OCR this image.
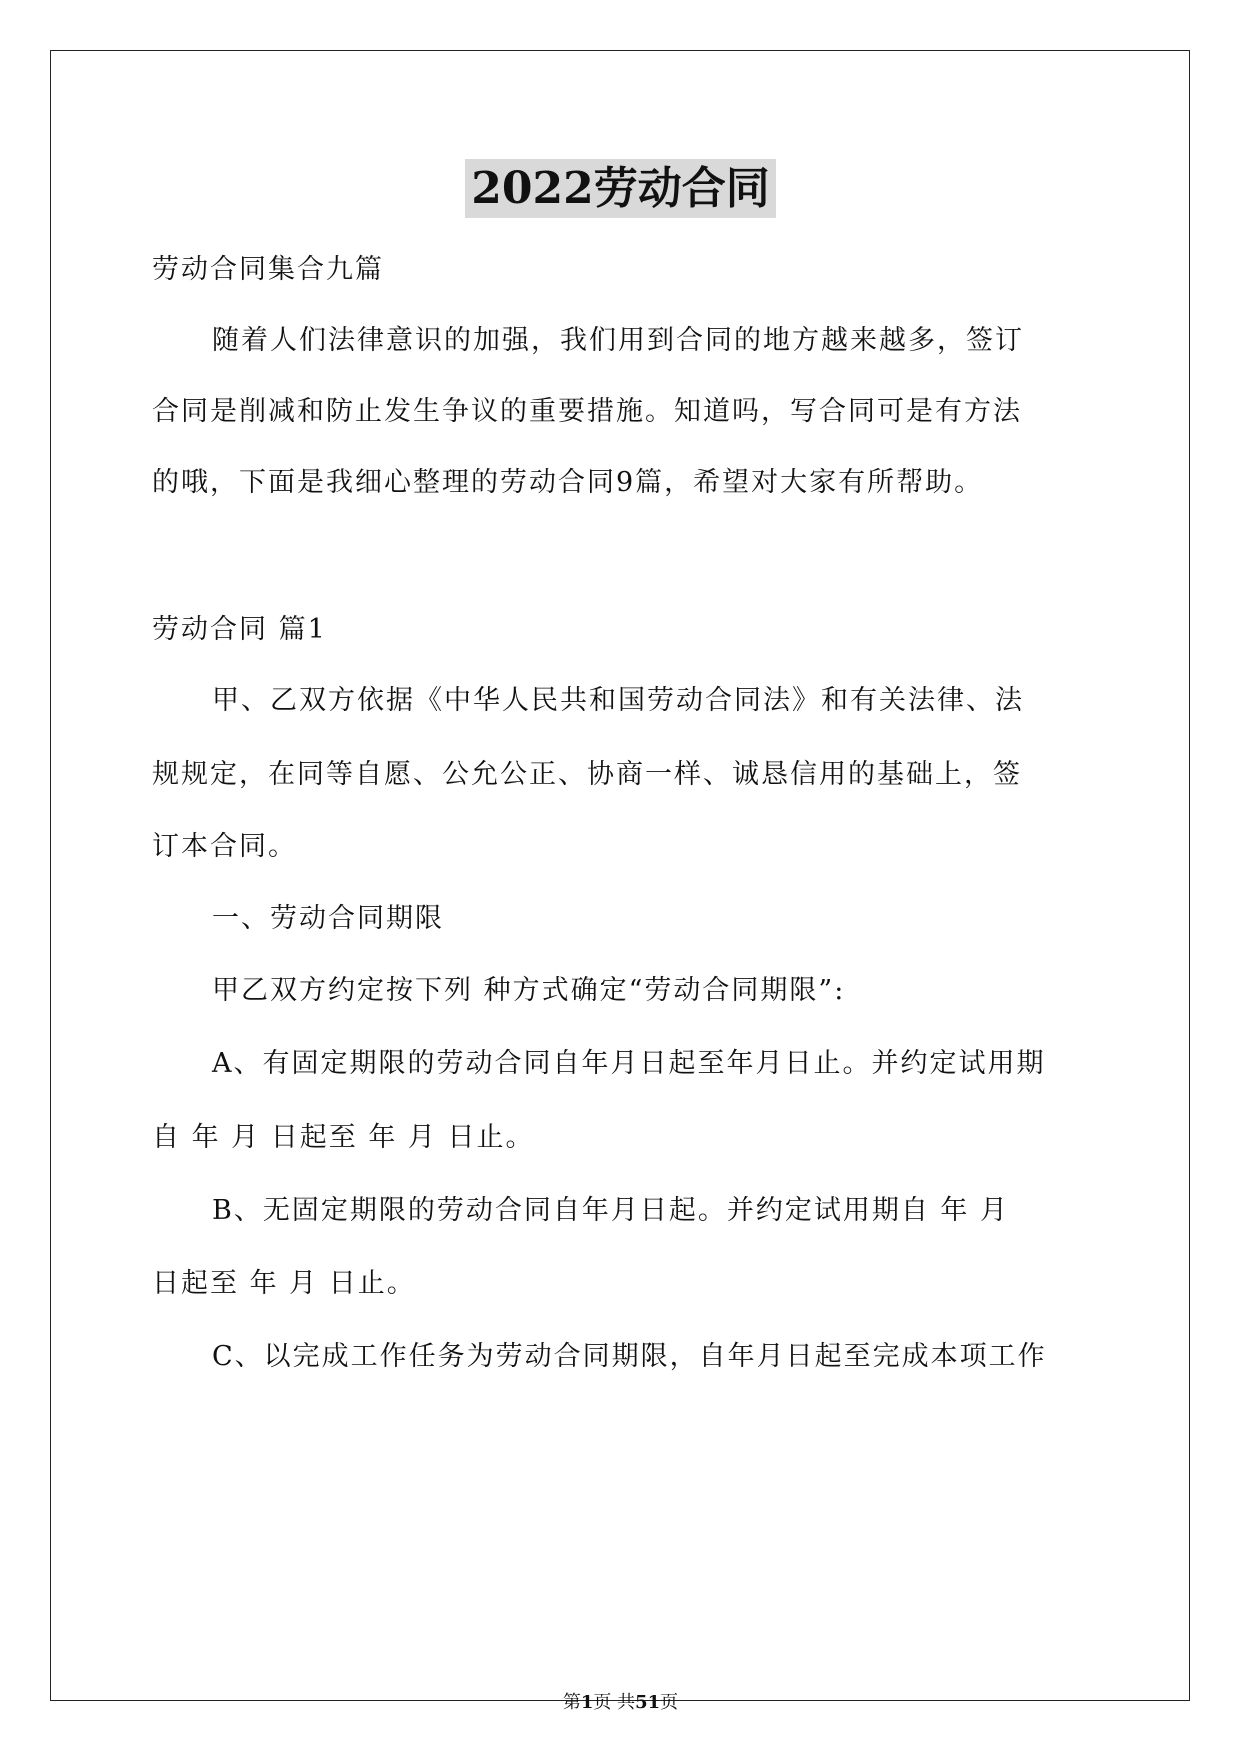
2022劳动合同
劳动合同集合九篇
随着人们法律意识的加强，我们用到合同的地方越来越多，签订
合同是削减和防止发生争议的重要措施。知道吗，写合同可是有方法
的哦，下面是我细心整理的劳动合同9篇，希望对大家有所帮助。
劳动合同 篇1
甲、乙双方依据《中华人民共和国劳动合同法》和有关法律、法
规规定，在同等自愿、公允公正、协商一样、诚恳信用的基础上，签
订本合同。
一、劳动合同期限
甲乙双方约定按下列 种方式确定“劳动合同期限”:
A、有固定期限的劳动合同自年月日起至年月日止。并约定试用期
自 年 月 日起至 年 月 日止。
B、无固定期限的劳动合同自年月日起。并约定试用期自 年 月
日起至 年 月 日止。
C、以完成工作任务为劳动合同期限，自年月日起至完成本项工作
第1页 共51页
